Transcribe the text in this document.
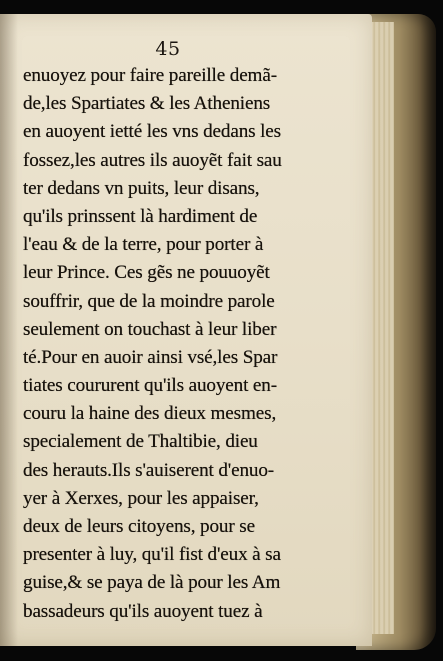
45
enuoyez pour faire pareille demã-
de,les Spartiates & les Atheniens
en auoyent ietté les vns dedans les
fossez,les autres ils auoyẽt fait sau
ter dedans vn puits, leur disans,
qu'ils prinssent là hardiment de
l'eau & de la terre, pour porter à
leur Prince. Ces gẽs ne pouuoyẽt
souffrir, que de la moindre parole
seulement on touchast à leur liber
té.Pour en auoir ainsi vsé,les Spar
tiates coururent qu'ils auoyent en-
couru la haine des dieux mesmes,
specialement de Thaltibie, dieu
des herauts.Ils s'auiserent d'enuo-
yer à Xerxes, pour les appaiser,
deux de leurs citoyens, pour se
presenter à luy, qu'il fist d'eux à sa
guise,& se paya de là pour les Am
bassadeurs qu'ils auoyent tuez à
